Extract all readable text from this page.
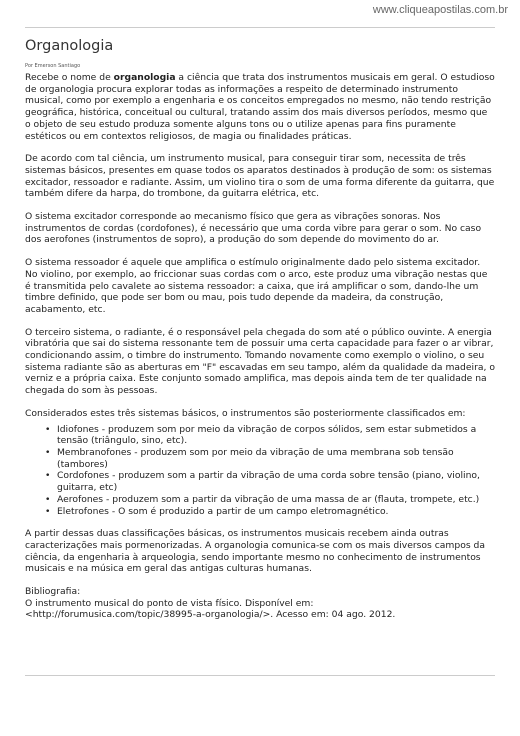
www.cliqueapostilas.com.br
Organologia
Por Emerson Santiago

Recebe o nome de organologia a ciência que trata dos instrumentos musicais em geral. O estudioso de organologia procura explorar todas as informações a respeito de determinado instrumento musical, como por exemplo a engenharia e os conceitos empregados no mesmo, não tendo restrição geográfica, histórica, conceitual ou cultural, tratando assim dos mais diversos períodos, mesmo que o objeto de seu estudo produza somente alguns tons ou o utilize apenas para fins puramente estéticos ou em contextos religiosos, de magia ou finalidades práticas.

De acordo com tal ciência, um instrumento musical, para conseguir tirar som, necessita de três sistemas básicos, presentes em quase todos os aparatos destinados à produção de som: os sistemas excitador, ressoador e radiante. Assim, um violino tira o som de uma forma diferente da guitarra, que também difere da harpa, do trombone, da guitarra elétrica, etc.

O sistema excitador corresponde ao mecanismo físico que gera as vibrações sonoras. Nos instrumentos de cordas (cordofones), é necessário que uma corda vibre para gerar o som. No caso dos aerofones (instrumentos de sopro), a produção do som depende do movimento do ar.

O sistema ressoador é aquele que amplifica o estímulo originalmente dado pelo sistema excitador. No violino, por exemplo, ao friccionar suas cordas com o arco, este produz uma vibração nestas que é transmitida pelo cavalete ao sistema ressoador: a caixa, que irá amplificar o som, dando-lhe um timbre definido, que pode ser bom ou mau, pois tudo depende da madeira, da construção, acabamento, etc.

O terceiro sistema, o radiante, é o responsável pela chegada do som até o público ouvinte. A energia vibratória que sai do sistema ressonante tem de possuir uma certa capacidade para fazer o ar vibrar, condicionando assim, o timbre do instrumento. Tomando novamente como exemplo o violino, o seu sistema radiante são as aberturas em "F" escavadas em seu tampo, além da qualidade da madeira, o verniz e a própria caixa. Este conjunto somado amplifica, mas depois ainda tem de ter qualidade na chegada do som às pessoas.

Considerados estes três sistemas básicos, o instrumentos são posteriormente classificados em:

• Idiofones - produzem som por meio da vibração de corpos sólidos, sem estar submetidos a tensão (triângulo, sino, etc).
• Membranofones - produzem som por meio da vibração de uma membrana sob tensão (tambores)
• Cordofones - produzem som a partir da vibração de uma corda sobre tensão (piano, violino, guitarra, etc)
• Aerofones - produzem som a partir da vibração de uma massa de ar (flauta, trompete, etc.)
• Eletrofones - O som é produzido a partir de um campo eletromagnético.

A partir dessas duas classificações básicas, os instrumentos musicais recebem ainda outras caracterizações mais pormenorizadas. A organologia comunica-se com os mais diversos campos da ciência, da engenharia à arqueologia, sendo importante mesmo no conhecimento de instrumentos musicais e na música em geral das antigas culturas humanas.

Bibliografia:
O instrumento musical do ponto de vista físico. Disponível em:
<http://forumusica.com/topic/38995-a-organologia/>. Acesso em: 04 ago. 2012.
